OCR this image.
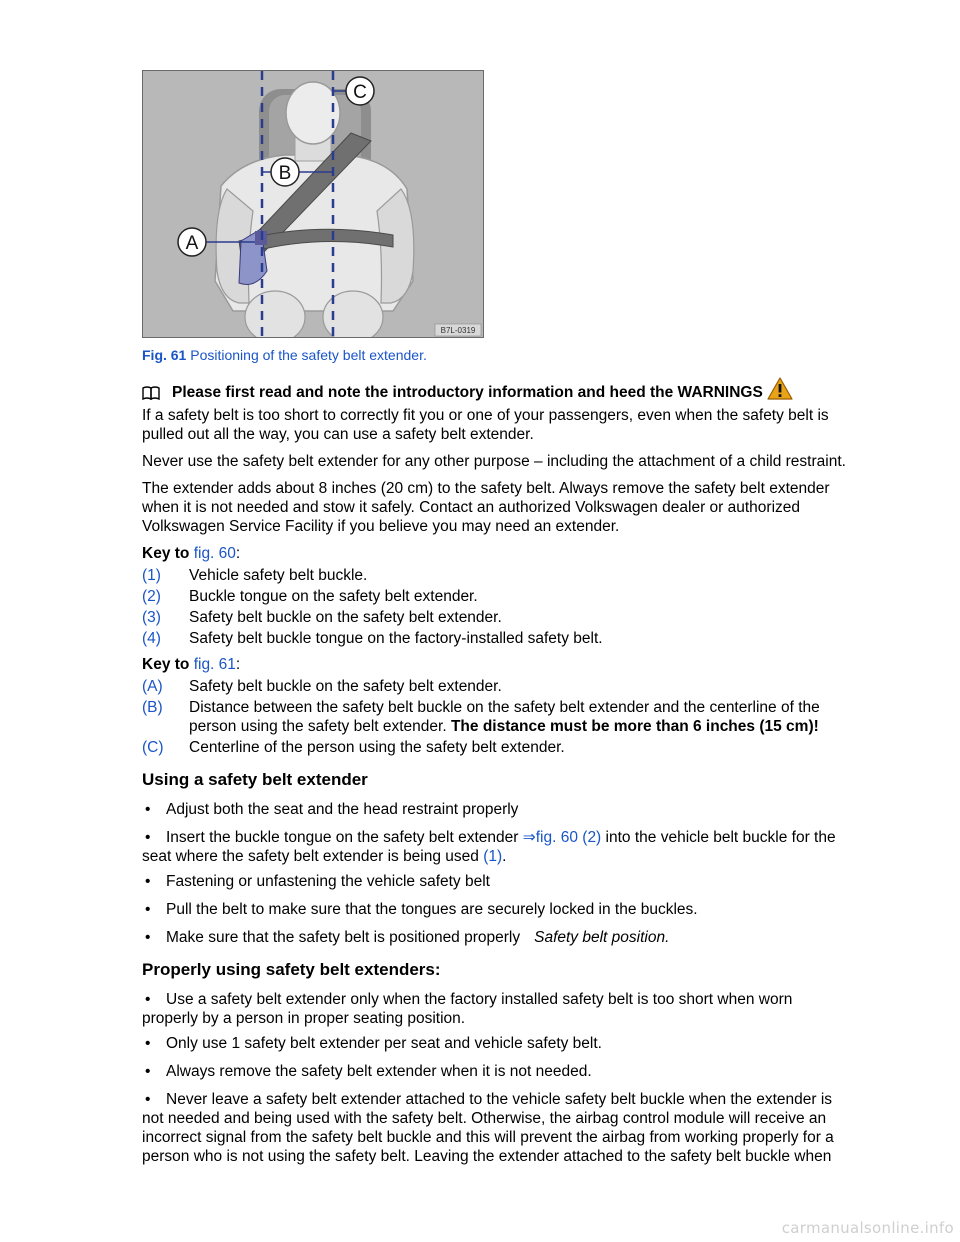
C
B
A
B7L-0319
Fig. 61 Positioning of the safety belt extender.
Please first read and note the introductory information and heed the WARNINGS

If a safety belt is too short to correctly fit you or one of your passengers, even when the safety belt is pulled out all the way, you can use a safety belt extender.

Never use the safety belt extender for any other purpose – including the attachment of a child restraint.

The extender adds about 8 inches (20 cm) to the safety belt. Always remove the safety belt extender when it is not needed and stow it safely. Contact an authorized Volkswagen dealer or authorized Volkswagen Service Facility if you believe you may need an extender.

Key to fig. 60:

(1)	Vehicle safety belt buckle.
(2)	Buckle tongue on the safety belt extender.
(3)	Safety belt buckle on the safety belt extender.
(4)	Safety belt buckle tongue on the factory-installed safety belt.

Key to fig. 61:

(A)	Safety belt buckle on the safety belt extender.
(B)	Distance between the safety belt buckle on the safety belt extender and the centerline of the person using the safety belt extender. The distance must be more than 6 inches (15 cm)!
(C)	Centerline of the person using the safety belt extender.
Using a safety belt extender
• Adjust both the seat and the head restraint properly
• Insert the buckle tongue on the safety belt extender ⇒fig. 60 (2) into the vehicle belt buckle for the seat where the safety belt extender is being used (1).
• Fastening or unfastening the vehicle safety belt
• Pull the belt to make sure that the tongues are securely locked in the buckles.
• Make sure that the safety belt is positioned properly Safety belt position.
Properly using safety belt extenders:
• Use a safety belt extender only when the factory installed safety belt is too short when worn properly by a person in proper seating position.
• Only use 1 safety belt extender per seat and vehicle safety belt.
• Always remove the safety belt extender when it is not needed.
• Never leave a safety belt extender attached to the vehicle safety belt buckle when the extender is not needed and being used with the safety belt. Otherwise, the airbag control module will receive an incorrect signal from the safety belt buckle and this will prevent the airbag from working properly for a person who is not using the safety belt. Leaving the extender attached to the safety belt buckle when
carmanualsonline.info
